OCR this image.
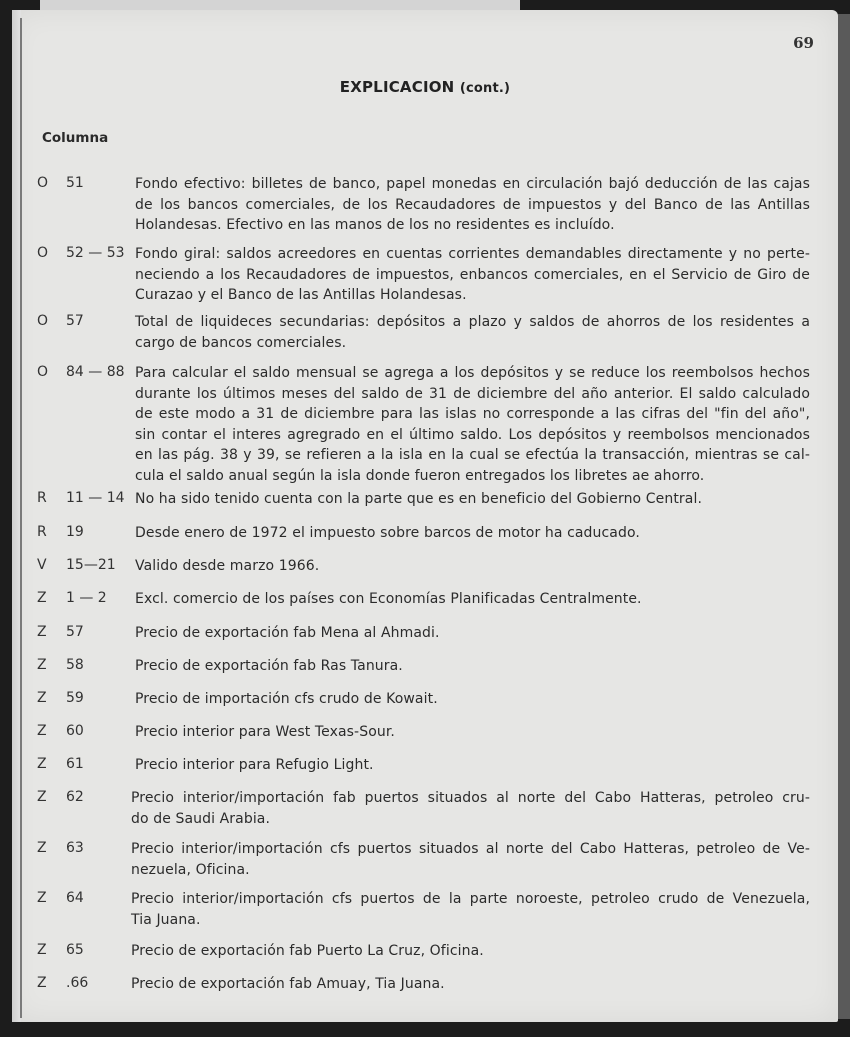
69
EXPLICACION (cont.)
Columna
O 51	Fondo efectivo: billetes de banco, papel monedas en circulación bajó deducción de las cajas
de los bancos comerciales, de los Recaudadores de impuestos y del Banco de las Antillas
Holandesas. Efectivo en las manos de los no residentes es incluído.
O 52 — 53 Fondo giral: saldos acreedores en cuentas corrientes demandables directamente y no perte-
neciendo a los Recaudadores de impuestos, enbancos comerciales, en el Servicio de Giro de
Curazao y el Banco de las Antillas Holandesas.
O 57	Total de liquideces secundarias: depósitos a plazo y saldos de ahorros de los residentes a
cargo de bancos comerciales.
O 84 — 88 Para calcular el saldo mensual se agrega a los depósitos y se reduce los reembolsos hechos
durante los últimos meses del saldo de 31 de diciembre del año anterior. El saldo calculado
de este modo a 31 de diciembre para las islas no corresponde a las cifras del "fin del año",
sin contar el interes agregrado en el último saldo. Los depósitos y reembolsos mencionados
en las pág. 38 y 39, se refieren a la isla en la cual se efectúa la transacción, mientras se cal-
cula el saldo anual según la isla donde fueron entregados los libretes ae ahorro.
R 11 — 14 No ha sido tenido cuenta con la parte que es en beneficio del Gobierno Central.
R 19	Desde enero de 1972 el impuesto sobre barcos de motor ha caducado.
V 15—21 Valido desde marzo 1966.
Z 1 — 2 Excl. comercio de los países con Economías Planificadas Centralmente.
Z 57	Precio de exportación fab Mena al Ahmadi.
Z 58	Precio de exportación fab Ras Tanura.
Z 59	Precio de importación cfs crudo de Kowait.
Z 60	Precio interior para West Texas-Sour.
Z 61	Precio interior para Refugio Light.
Z 62	Precio interior/importación fab puertos situados al norte del Cabo Hatteras, petroleo cru-
do de Saudi Arabia.
Z 63	Precio interior/importación cfs puertos situados al norte del Cabo Hatteras, petroleo de Ve-
nezuela, Oficina.
Z 64	Precio interior/importación cfs puertos de la parte noroeste, petroleo crudo de Venezuela,
Tia Juana.
Z 65	Precio de exportación fab Puerto La Cruz, Oficina.
Z .66	Precio de exportación fab Amuay, Tia Juana.
